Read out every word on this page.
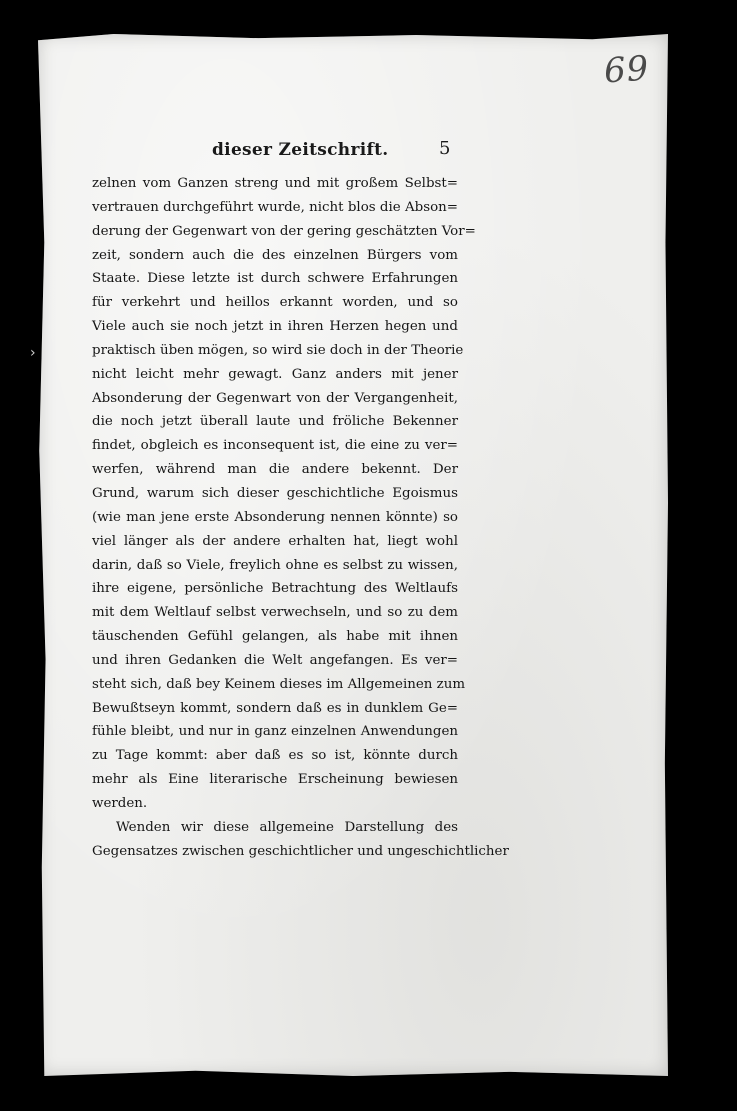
›
69
dieser Zeitschrift.	5
zelnen vom Ganzen streng und mit großem Selbst=
vertrauen durchgeführt wurde, nicht blos die Abson=
derung der Gegenwart von der gering geschätzten Vor=
zeit, sondern auch die des einzelnen Bürgers vom
Staate. Diese letzte ist durch schwere Erfahrungen
für verkehrt und heillos erkannt worden, und so
Viele auch sie noch jetzt in ihren Herzen hegen und
praktisch üben mögen, so wird sie doch in der Theorie
nicht leicht mehr gewagt. Ganz anders mit jener
Absonderung der Gegenwart von der Vergangenheit,
die noch jetzt überall laute und fröliche Bekenner
findet, obgleich es inconsequent ist, die eine zu ver=
werfen, während man die andere bekennt. Der
Grund, warum sich dieser geschichtliche Egoismus
(wie man jene erste Absonderung nennen könnte) so
viel länger als der andere erhalten hat, liegt wohl
darin, daß so Viele, freylich ohne es selbst zu wissen,
ihre eigene, persönliche Betrachtung des Weltlaufs
mit dem Weltlauf selbst verwechseln, und so zu dem
täuschenden Gefühl gelangen, als habe mit ihnen
und ihren Gedanken die Welt angefangen. Es ver=
steht sich, daß bey Keinem dieses im Allgemeinen zum
Bewußtseyn kommt, sondern daß es in dunklem Ge=
fühle bleibt, und nur in ganz einzelnen Anwendungen
zu Tage kommt: aber daß es so ist, könnte durch
mehr als Eine literarische Erscheinung bewiesen
werden.
Wenden wir diese allgemeine Darstellung des
Gegensatzes zwischen geschichtlicher und ungeschichtlicher
